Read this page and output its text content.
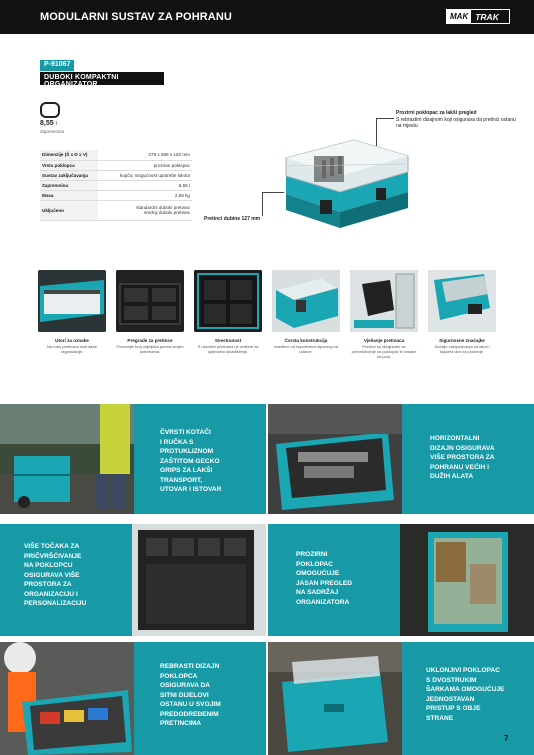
MODULARNI SUSTAV ZA POHRANU	MAK TRAK
P-91067
DUBOKI KOMPAKTNI ORGANIZATOR
8,55 l
Zapremnina
Dimenzije (Š x D x V)	278 x 389 x 162 mm
Vrsta poklopca	proziran poklopac
Sustav zaključavanja	kopča; mogućnost upotrebe lokota
Zapremnina	8,55 l
Masa	2,59 kg
Uključeno	standardni duboki pretinac
srednji duboki pretinac
Prozirni poklopac za lakši pregled
S rebrastim dizajnom koji osigurava da pretinci ostanu na mjestu
Pretinci dubine 127 mm
Utori za oznake
Na rubu pretinaca radi lakše organizacije.
Pregrade za pretince
Povećajte broj odjeljaka prema svojim potrebama.
Svestranost
S ukloniivi pretinaca uz veličine za optimalno skladištenje.
Čvrsta konstrukcija
Izrađeno od kopolimera otpornog na udarce.
Vješanje pretinaca
Pretinci su dizajnirani za pričvršćivanje na poklopac ili nosače na polu.
Sigurnosne značajke
Sučeljе zaključavanja za lakot i ključevi utor za pročenje.
ČVRSTI KOTAČI
I RUČKA S
PROTUKLIZNOM
ZAŠTITOM GECKO
GRIPS ZA LAKŠI
TRANSPORT,
UTOVAR I ISTOVAR
HORIZONTALNI
DIZAJN OSIGURAVA
VIŠE PROSTORA ZA
POHRANU VEĆIH I
DUŽIH ALATA
VIŠE TOČAKA ZA
PRIČVRŠĆIVANJE
NA POKLOPCU
OSIGURAVA VIŠE
PROSTORA ZA
ORGANIZACIJU I
PERSONALIZACIJU
PROZIRNI
POKLOPAC
OMOGUĆUJE
JASAN PREGLED
NA SADRŽAJ
ORGANIZATORA
REBRASTI DIZAJN
POKLOPCA
OSIGURAVA DA
SITNI DIJELOVI
OSTANU U SVOJIM
PREDODREĐENIM
PRETINCIMA
UKLONJIVI POKLOPAC
S DVOSTRUKIM
ŠARKAMA OMOGUĆUJE
JEDNOSTAVAN
PRISTUP S OBJE
STRANE
7
